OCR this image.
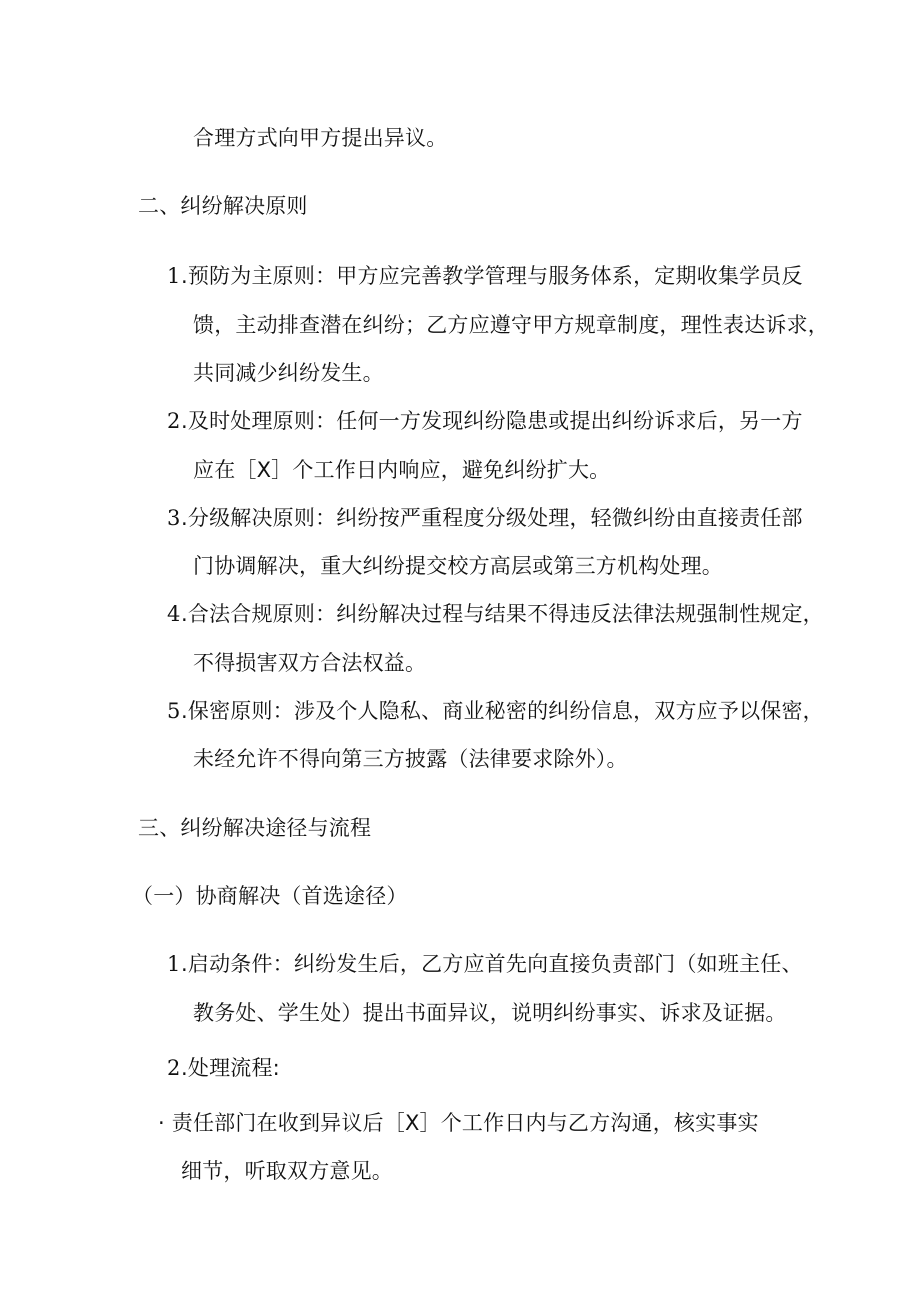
合理方式向甲方提出异议。
二、纠纷解决原则
1 .预防为主原则：甲方应完善教学管理与服务体系，定期收集学员反
馈，主动排查潜在纠纷；乙方应遵守甲方规章制度，理性表达诉求，
共同减少纠纷发生。
2 .及时处理原则：任何一方发现纠纷隐患或提出纠纷诉求后，另一方
应在［X］个工作日内响应，避免纠纷扩大。
3 .分级解决原则：纠纷按严重程度分级处理，轻微纠纷由直接责任部
门协调解决，重大纠纷提交校方高层或第三方机构处理。
4 .合法合规原则：纠纷解决过程与结果不得违反法律法规强制性规定，
不得损害双方合法权益。
5 .保密原则：涉及个人隐私、商业秘密的纠纷信息，双方应予以保密，
未经允许不得向第三方披露（法律要求除外）。
三、纠纷解决途径与流程
（一）协商解决（首选途径）
1 .启动条件：纠纷发生后，乙方应首先向直接负责部门（如班主任、
教务处、学生处）提出书面异议，说明纠纷事实、诉求及证据。
2 .处理流程:
· 责任部门在收到异议后［X］个工作日内与乙方沟通，核实事实
细节，听取双方意见。
